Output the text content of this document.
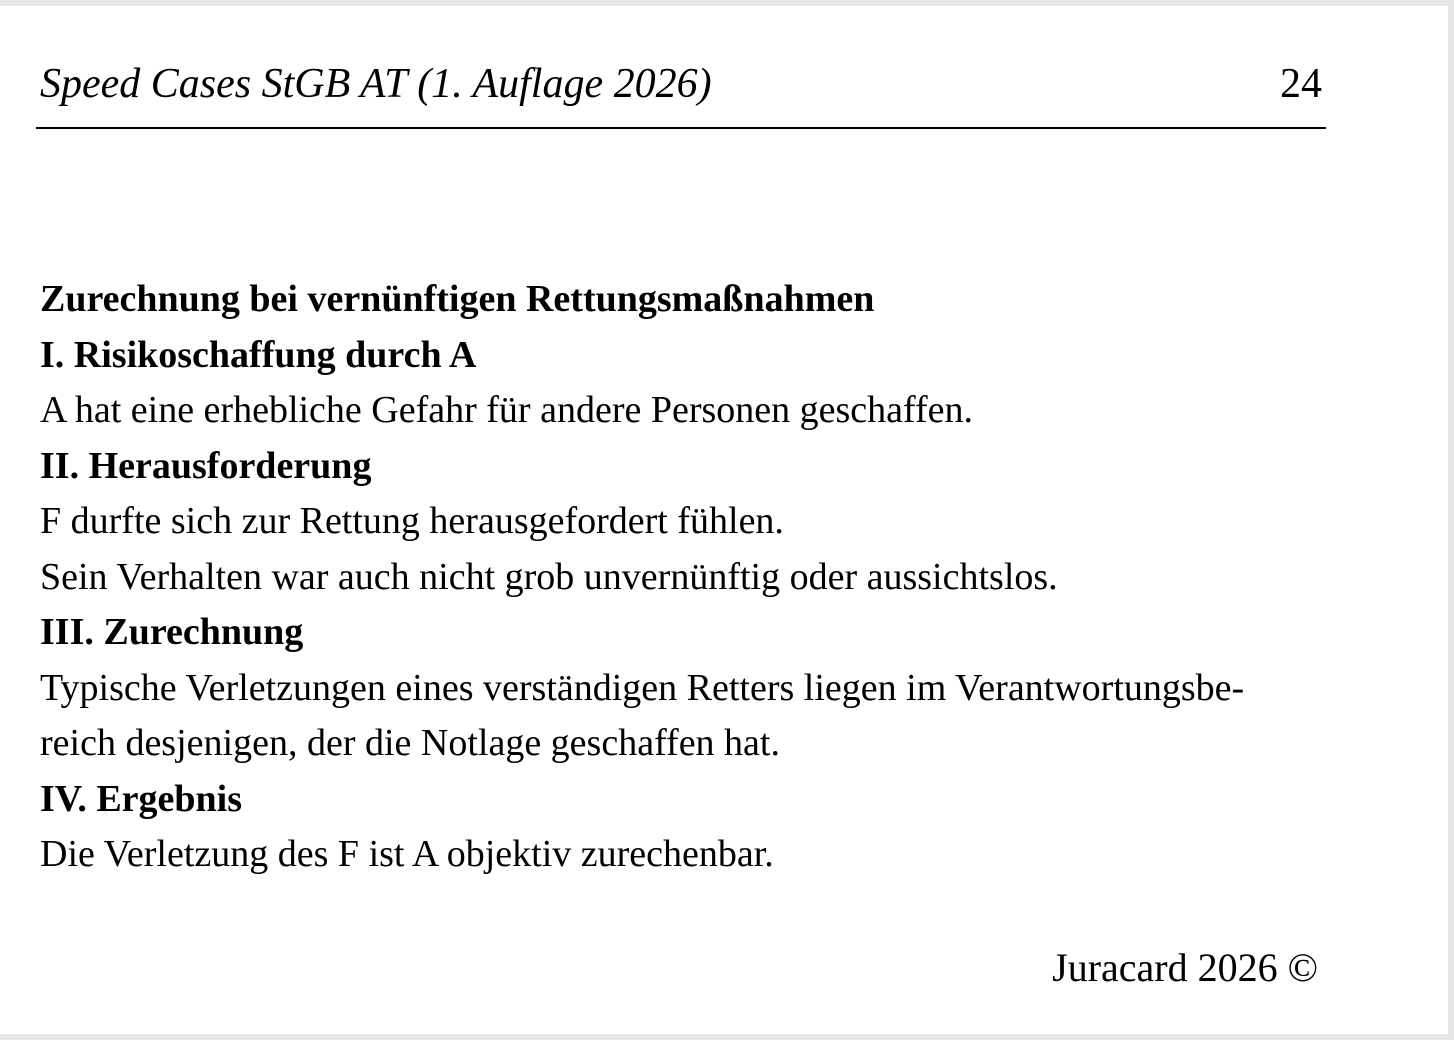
Speed Cases StGB AT (1. Auflage 2026)	24
Zurechnung bei vernünftigen Rettungsmaßnahmen
I. Risikoschaffung durch A
A hat eine erhebliche Gefahr für andere Personen geschaffen.
II. Herausforderung
F durfte sich zur Rettung herausgefordert fühlen.
Sein Verhalten war auch nicht grob unvernünftig oder aussichtslos.
III. Zurechnung
Typische Verletzungen eines verständigen Retters liegen im Verantwortungsbe-
reich desjenigen, der die Notlage geschaffen hat.
IV. Ergebnis
Die Verletzung des F ist A objektiv zurechenbar.
Juracard 2026 ©
